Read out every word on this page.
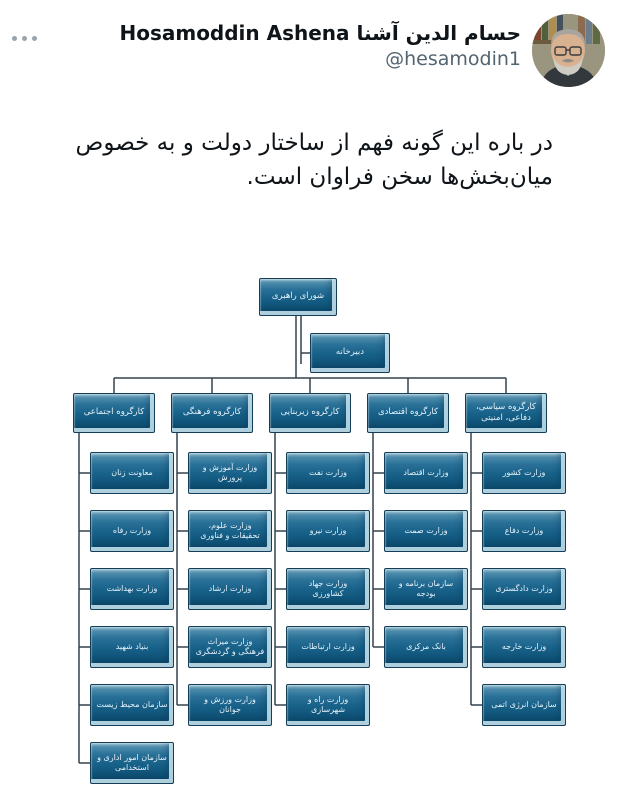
حسام الدین آشنا Hosamoddin Ashena
@hesamodin1
در باره این گونه فهم از ساختار دولت و به خصوص میان‌بخش‌ها سخن فراوان است.
شورای راهبری
دبیرخانه
کارگروه اجتماعی
معاونت زنان
وزارت رفاه
وزارت بهداشت
بنیاد شهید
سازمان محیط زیست
سازمان امور اداری و استخدامی
کارگروه فرهنگی
وزارت آموزش و پرورش
وزارت علوم، تحقیقات و فناوری
وزارت ارشاد
وزارت میراث فرهنگی و گردشگری
وزارت ورزش و جوانان
کارگروه زیربنایی
وزارت نفت
وزارت نیرو
وزارت جهاد کشاورزی
وزارت ارتباطات
وزارت راه و شهرسازی
کارگروه اقتصادی
وزارت اقتصاد
وزارت صمت
سازمان برنامه و بودجه
بانک مرکزی
کارگروه سیاسی، دفاعی، امنیتی
وزارت کشور
وزارت دفاع
وزارت دادگستری
وزارت خارجه
سازمان انرژی اتمی
